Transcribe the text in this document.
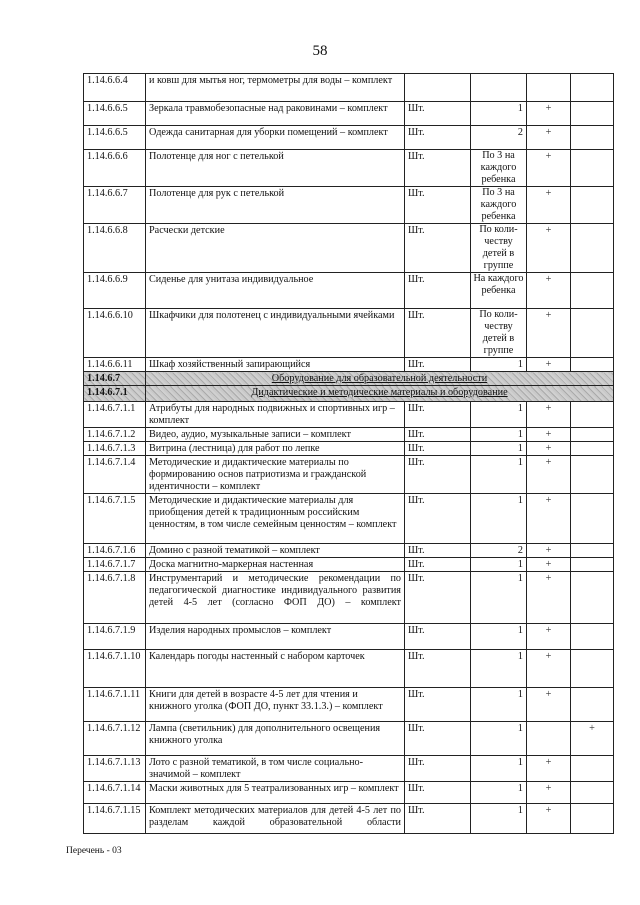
58
1.14.6.6.4	и ковш для мытья ног, термометры для воды – комплект				
1.14.6.6.5	Зеркала травмобезопасные над раковинами – комплект	Шт.	1	+	
1.14.6.6.5	Одежда санитарная для уборки помещений – комплект	Шт.	2	+	
1.14.6.6.6	Полотенце для ног с петелькой	Шт.	По 3 на каждого ребенка	+	
1.14.6.6.7	Полотенце для рук с петелькой	Шт.	По 3 на каждого ребенка	+	
1.14.6.6.8	Расчески детские	Шт.	По коли-честву детей в группе	+	
1.14.6.6.9	Сиденье для унитаза индивидуальное	Шт.	На каждого ребенка	+	
1.14.6.6.10	Шкафчики для полотенец с индивидуальными ячейками	Шт.	По коли-честву детей в группе	+	
1.14.6.6.11	Шкаф хозяйственный запирающийся	Шт.	1	+	
1.14.6.7	Оборудование для образовательной деятельности				
1.14.6.7.1	Дидактические и методические материалы и оборудование				
1.14.6.7.1.1	Атрибуты для народных подвижных и спортивных игр – комплект	Шт.	1	+	
1.14.6.7.1.2	Видео, аудио, музыкальные записи – комплект	Шт.	1	+	
1.14.6.7.1.3	Витрина (лестница) для работ по лепке	Шт.	1	+	
1.14.6.7.1.4	Методические и дидактические материалы по формированию основ патриотизма и гражданской идентичности – комплект	Шт.	1	+	
1.14.6.7.1.5	Методические и дидактические материалы для приобщения детей к традиционным российским ценностям, в том числе семейным ценностям – комплект	Шт.	1	+	
1.14.6.7.1.6	Домино с разной тематикой – комплект	Шт.	2	+	
1.14.6.7.1.7	Доска магнитно-маркерная настенная	Шт.	1	+	
1.14.6.7.1.8	Инструментарий и методические рекомендации по педагогической диагностике индивидуального развития детей 4-5 лет (согласно ФОП ДО) – комплект	Шт.	1	+	
1.14.6.7.1.9	Изделия народных промыслов – комплект	Шт.	1	+	
1.14.6.7.1.10	Календарь погоды настенный с набором карточек	Шт.	1	+	
1.14.6.7.1.11	Книги для детей в возрасте 4-5 лет для чтения и книжного уголка (ФОП ДО, пункт 33.1.3.) – комплект	Шт.	1	+	
1.14.6.7.1.12	Лампа (светильник) для дополнительного освещения книжного уголка	Шт.	1		+
1.14.6.7.1.13	Лото с разной тематикой, в том числе социально-значимой – комплект	Шт.	1	+	
1.14.6.7.1.14	Маски животных для 5 театрализованных игр – комплект	Шт.	1	+	
1.14.6.7.1.15	Комплект методических материалов для детей 4-5 лет по разделам каждой образовательной области	Шт.	1	+	
Перечень - 03
